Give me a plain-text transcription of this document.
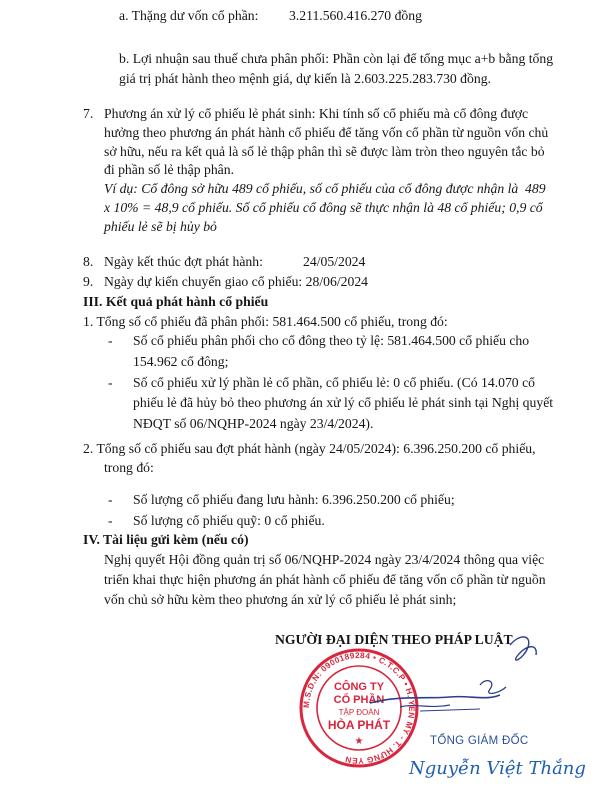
a. Thặng dư vốn cổ phần: 3.211.560.416.270 đồng
b. Lợi nhuận sau thuế chưa phân phối: Phần còn lại để tổng mục a+b bằng tổng
giá trị phát hành theo mệnh giá, dự kiến là 2.603.225.283.730 đồng.
7. Phương án xử lý cổ phiếu lẻ phát sinh: Khi tính số cổ phiếu mà cổ đông được
hưởng theo phương án phát hành cổ phiếu để tăng vốn cổ phần từ nguồn vốn chủ
sở hữu, nếu ra kết quả là số lẻ thập phân thì sẽ được làm tròn theo nguyên tắc bỏ
đi phần số lẻ thập phân.
Ví dụ: Cổ đông sở hữu 489 cổ phiếu, số cổ phiếu của cổ đông được nhận là 489
x 10% = 48,9 cổ phiếu. Số cổ phiếu cổ đông sẽ thực nhận là 48 cổ phiếu; 0,9 cổ
phiếu lẻ sẽ bị hủy bỏ
8. Ngày kết thúc đợt phát hành:	24/05/2024
9. Ngày dự kiến chuyển giao cổ phiếu: 28/06/2024
III. Kết quả phát hành cổ phiếu
1. Tổng số cổ phiếu đã phân phối: 581.464.500 cổ phiếu, trong đó:
- Số cổ phiếu phân phối cho cổ đông theo tỷ lệ: 581.464.500 cổ phiếu cho
154.962 cổ đông;
- Số cổ phiếu xử lý phần lẻ cổ phần, cổ phiếu lẻ: 0 cổ phiếu. (Có 14.070 cổ
phiếu lẻ đã hủy bỏ theo phương án xử lý cổ phiếu lẻ phát sinh tại Nghị quyết
NĐQT số 06/NQHP-2024 ngày 23/4/2024).
2. Tổng số cổ phiếu sau đợt phát hành (ngày 24/05/2024): 6.396.250.200 cổ phiếu,
trong đó:
- Số lượng cổ phiếu đang lưu hành: 6.396.250.200 cổ phiếu;
- Số lượng cổ phiếu quỹ: 0 cổ phiếu.
IV. Tài liệu gửi kèm (nếu có)
Nghị quyết Hội đồng quản trị số 06/NQHP-2024 ngày 23/4/2024 thông qua việc
triển khai thực hiện phương án phát hành cổ phiếu để tăng vốn cổ phần từ nguồn
vốn chủ sở hữu kèm theo phương án xử lý cổ phiếu lẻ phát sinh;
NGƯỜI ĐẠI DIỆN THEO PHÁP LUẬT
M.S.D.N: 0900189284 • C.T.C.P • H. YÊN MỸ - T. HƯNG YÊN
CÔNG TY
CỔ PHẦN
TẬP ĐOÀN
HÒA PHÁT
★	TỔNG GIÁM ĐỐC
Nguyễn Việt Thắng
